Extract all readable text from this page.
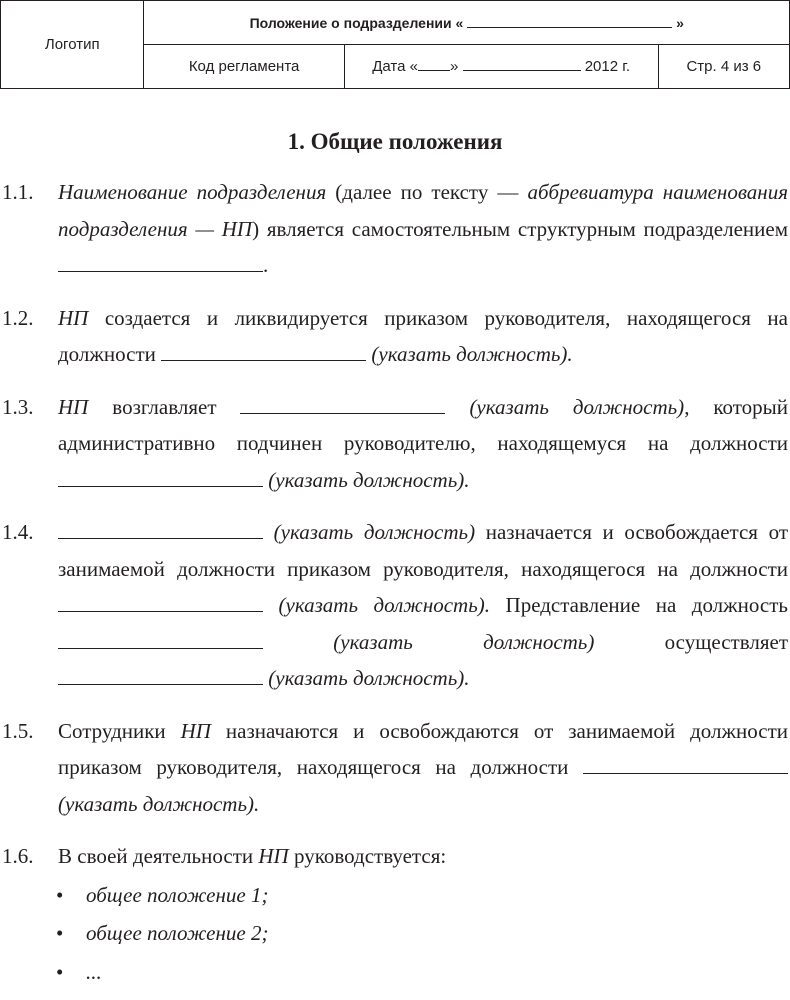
Логотип	Положение о подразделении « »		
	Код регламента	Дата « » 2012 г.	Стр. 4 из 6
1. Общие положения
1.1.	Наименование подразделения (далее по тексту — аббревиатура наименования подразделения — НП) является самостоятельным структурным подразделением .
1.2.	НП создается и ликвидируется приказом руководителя, находящегося на должности	(указать должность).
1.3.	НП возглавляет	(указать должность), который административно подчинен руководителю, находящемуся на должности  (указать должность).
1.4.	(указать должность) назначается и освобождается от занимаемой должности приказом руководителя, находящегося на должности  (указать должность). Представление на должность  (указать должность) осуществляет  (указать должность).
1.5.	Сотрудники НП назначаются и освобождаются от занимаемой должности приказом руководителя, находящегося на должности  (указать должность).
1.6.	В своей деятельности НП руководствуется:
• общее положение 1;
• общее положение 2;
• ...
